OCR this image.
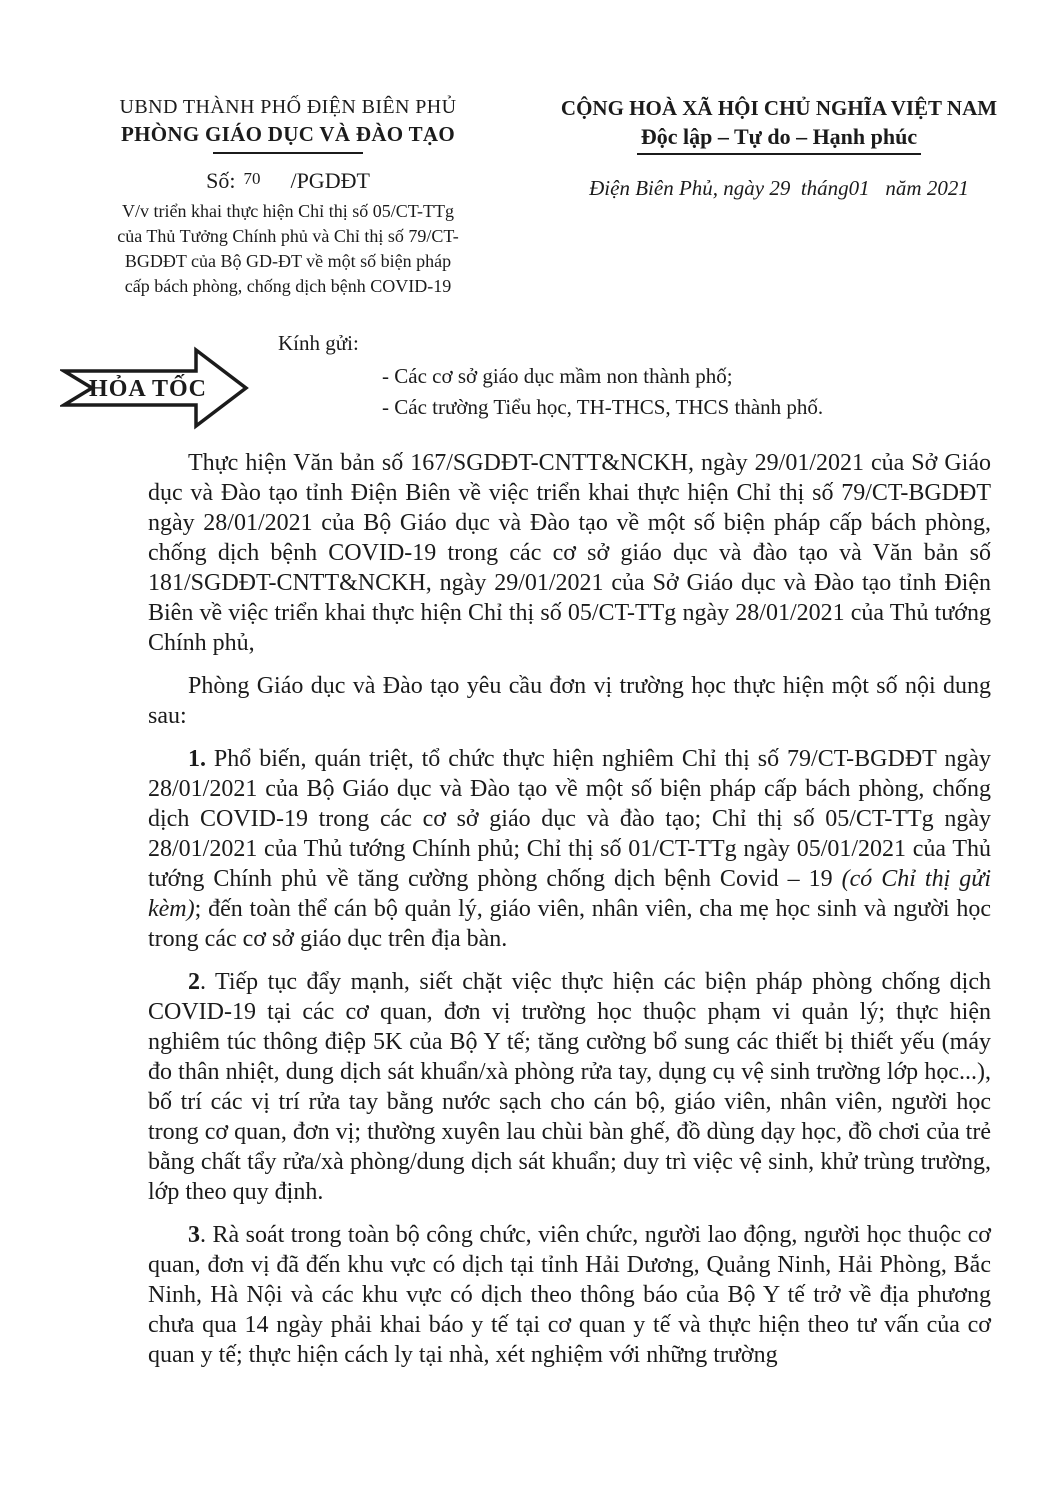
UBND THÀNH PHỐ ĐIỆN BIÊN PHỦ
PHÒNG GIÁO DỤC VÀ ĐÀO TẠO
Số: 70 /PGDĐT
V/v triển khai thực hiện Chỉ thị số 05/CT-TTg
của Thủ Tưởng Chính phủ và Chỉ thị số 79/CT-
BGDĐT của Bộ GD-ĐT về một số biện pháp
cấp bách phòng, chống dịch bệnh COVID-19
CỘNG HOÀ XÃ HỘI CHỦ NGHĨA VIỆT NAM
Độc lập – Tự do – Hạnh phúc
Điện Biên Phủ, ngày 29  tháng01   năm 2021
HỎA TỐC
Kính gửi:
- Các cơ sở giáo dục mầm non thành phố;
- Các trường Tiểu học, TH-THCS, THCS thành phố.

Thực hiện Văn bản số 167/SGDĐT-CNTT&NCKH, ngày 29/01/2021 của Sở Giáo dục và Đào tạo tỉnh Điện Biên về việc triển khai thực hiện Chỉ thị số 79/CT-BGDĐT ngày 28/01/2021 của Bộ Giáo dục và Đào tạo về một số biện pháp cấp bách phòng, chống dịch bệnh COVID-19 trong các cơ sở giáo dục và đào tạo và Văn bản số 181/SGDĐT-CNTT&NCKH, ngày 29/01/2021 của Sở Giáo dục và Đào tạo tỉnh Điện Biên về việc triển khai thực hiện Chỉ thị số 05/CT-TTg ngày 28/01/2021 của Thủ tướng Chính phủ,

Phòng Giáo dục và Đào tạo yêu cầu đơn vị trường học thực hiện một số nội dung sau:

1. Phổ biến, quán triệt, tổ chức thực hiện nghiêm Chỉ thị số 79/CT-BGDĐT ngày 28/01/2021 của Bộ Giáo dục và Đào tạo về một số biện pháp cấp bách phòng, chống dịch COVID-19 trong các cơ sở giáo dục và đào tạo; Chỉ thị số 05/CT-TTg ngày 28/01/2021 của Thủ tướng Chính phủ; Chỉ thị số 01/CT-TTg ngày 05/01/2021 của Thủ tướng Chính phủ về tăng cường phòng chống dịch bệnh Covid – 19 (có Chỉ thị gửi kèm); đến toàn thể cán bộ quản lý, giáo viên, nhân viên, cha mẹ học sinh và người học trong các cơ sở giáo dục trên địa bàn.

2. Tiếp tục đẩy mạnh, siết chặt việc thực hiện các biện pháp phòng chống dịch COVID-19 tại các cơ quan, đơn vị trường học thuộc phạm vi quản lý; thực hiện nghiêm túc thông điệp 5K của Bộ Y tế; tăng cường bổ sung các thiết bị thiết yếu (máy đo thân nhiệt, dung dịch sát khuẩn/xà phòng rửa tay, dụng cụ vệ sinh trường lớp học...), bố trí các vị trí rửa tay bằng nước sạch cho cán bộ, giáo viên, nhân viên, người học trong cơ quan, đơn vị; thường xuyên lau chùi bàn ghế, đồ dùng dạy học, đồ chơi của trẻ bằng chất tẩy rửa/xà phòng/dung dịch sát khuẩn; duy trì việc vệ sinh, khử trùng trường, lớp theo quy định.

3. Rà soát trong toàn bộ công chức, viên chức, người lao động, người học thuộc cơ quan, đơn vị đã đến khu vực có dịch tại tỉnh Hải Dương, Quảng Ninh, Hải Phòng, Bắc Ninh, Hà Nội và các khu vực có dịch theo thông báo của Bộ Y tế trở về địa phương chưa qua 14 ngày phải khai báo y tế tại cơ quan y tế và thực hiện theo tư vấn của cơ quan y tế; thực hiện cách ly tại nhà, xét nghiệm với những trường
